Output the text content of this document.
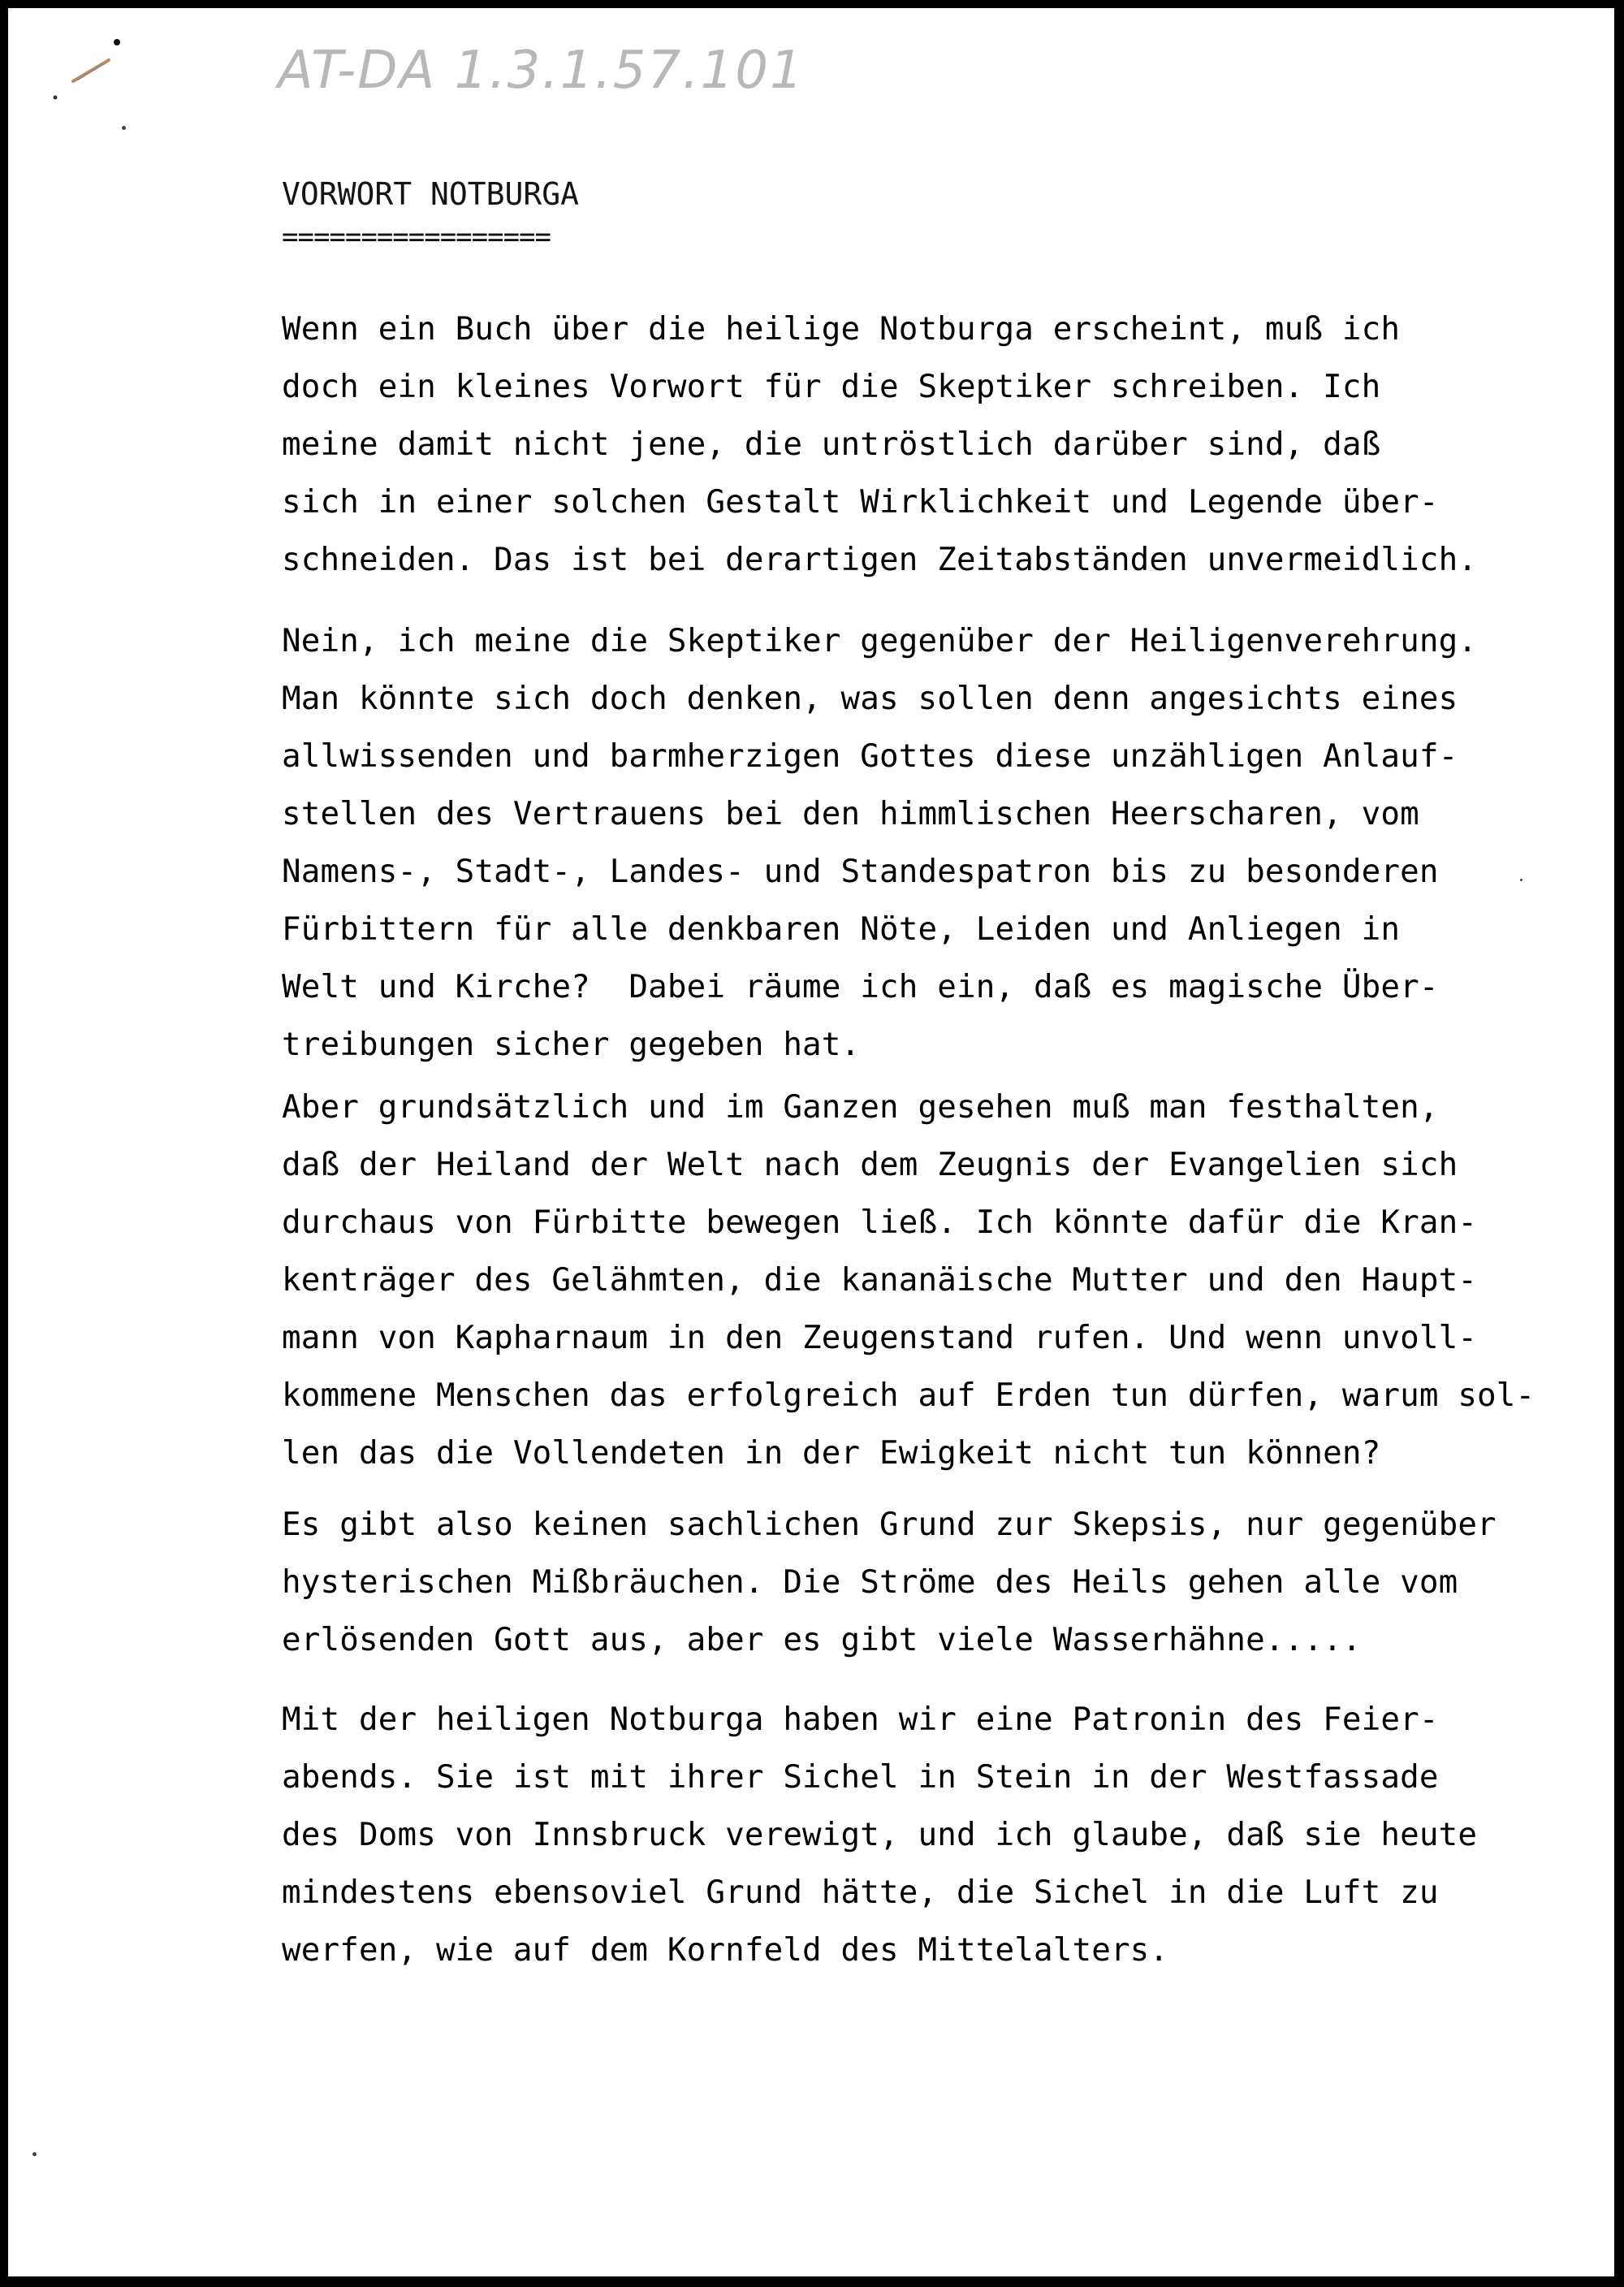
AT-DA 1.3.1.57.101
VORWORT NOTBURGA
=================
Wenn ein Buch über die heilige Notburga erscheint, muß ich
doch ein kleines Vorwort für die Skeptiker schreiben. Ich
meine damit nicht jene, die untröstlich darüber sind, daß
sich in einer solchen Gestalt Wirklichkeit und Legende über-
schneiden. Das ist bei derartigen Zeitabständen unvermeidlich.
Nein, ich meine die Skeptiker gegenüber der Heiligenverehrung.
Man könnte sich doch denken, was sollen denn angesichts eines
allwissenden und barmherzigen Gottes diese unzähligen Anlauf-
stellen des Vertrauens bei den himmlischen Heerscharen, vom
Namens-, Stadt-, Landes- und Standespatron bis zu besonderen
Fürbittern für alle denkbaren Nöte, Leiden und Anliegen in
Welt und Kirche?  Dabei räume ich ein, daß es magische Über-
treibungen sicher gegeben hat.
Aber grundsätzlich und im Ganzen gesehen muß man festhalten,
daß der Heiland der Welt nach dem Zeugnis der Evangelien sich
durchaus von Fürbitte bewegen ließ. Ich könnte dafür die Kran-
kenträger des Gelähmten, die kananäische Mutter und den Haupt-
mann von Kapharnaum in den Zeugenstand rufen. Und wenn unvoll-
kommene Menschen das erfolgreich auf Erden tun dürfen, warum sol-
len das die Vollendeten in der Ewigkeit nicht tun können?
Es gibt also keinen sachlichen Grund zur Skepsis, nur gegenüber
hysterischen Mißbräuchen. Die Ströme des Heils gehen alle vom
erlösenden Gott aus, aber es gibt viele Wasserhähne.....
Mit der heiligen Notburga haben wir eine Patronin des Feier-
abends. Sie ist mit ihrer Sichel in Stein in der Westfassade
des Doms von Innsbruck verewigt, und ich glaube, daß sie heute
mindestens ebensoviel Grund hätte, die Sichel in die Luft zu
werfen, wie auf dem Kornfeld des Mittelalters.
